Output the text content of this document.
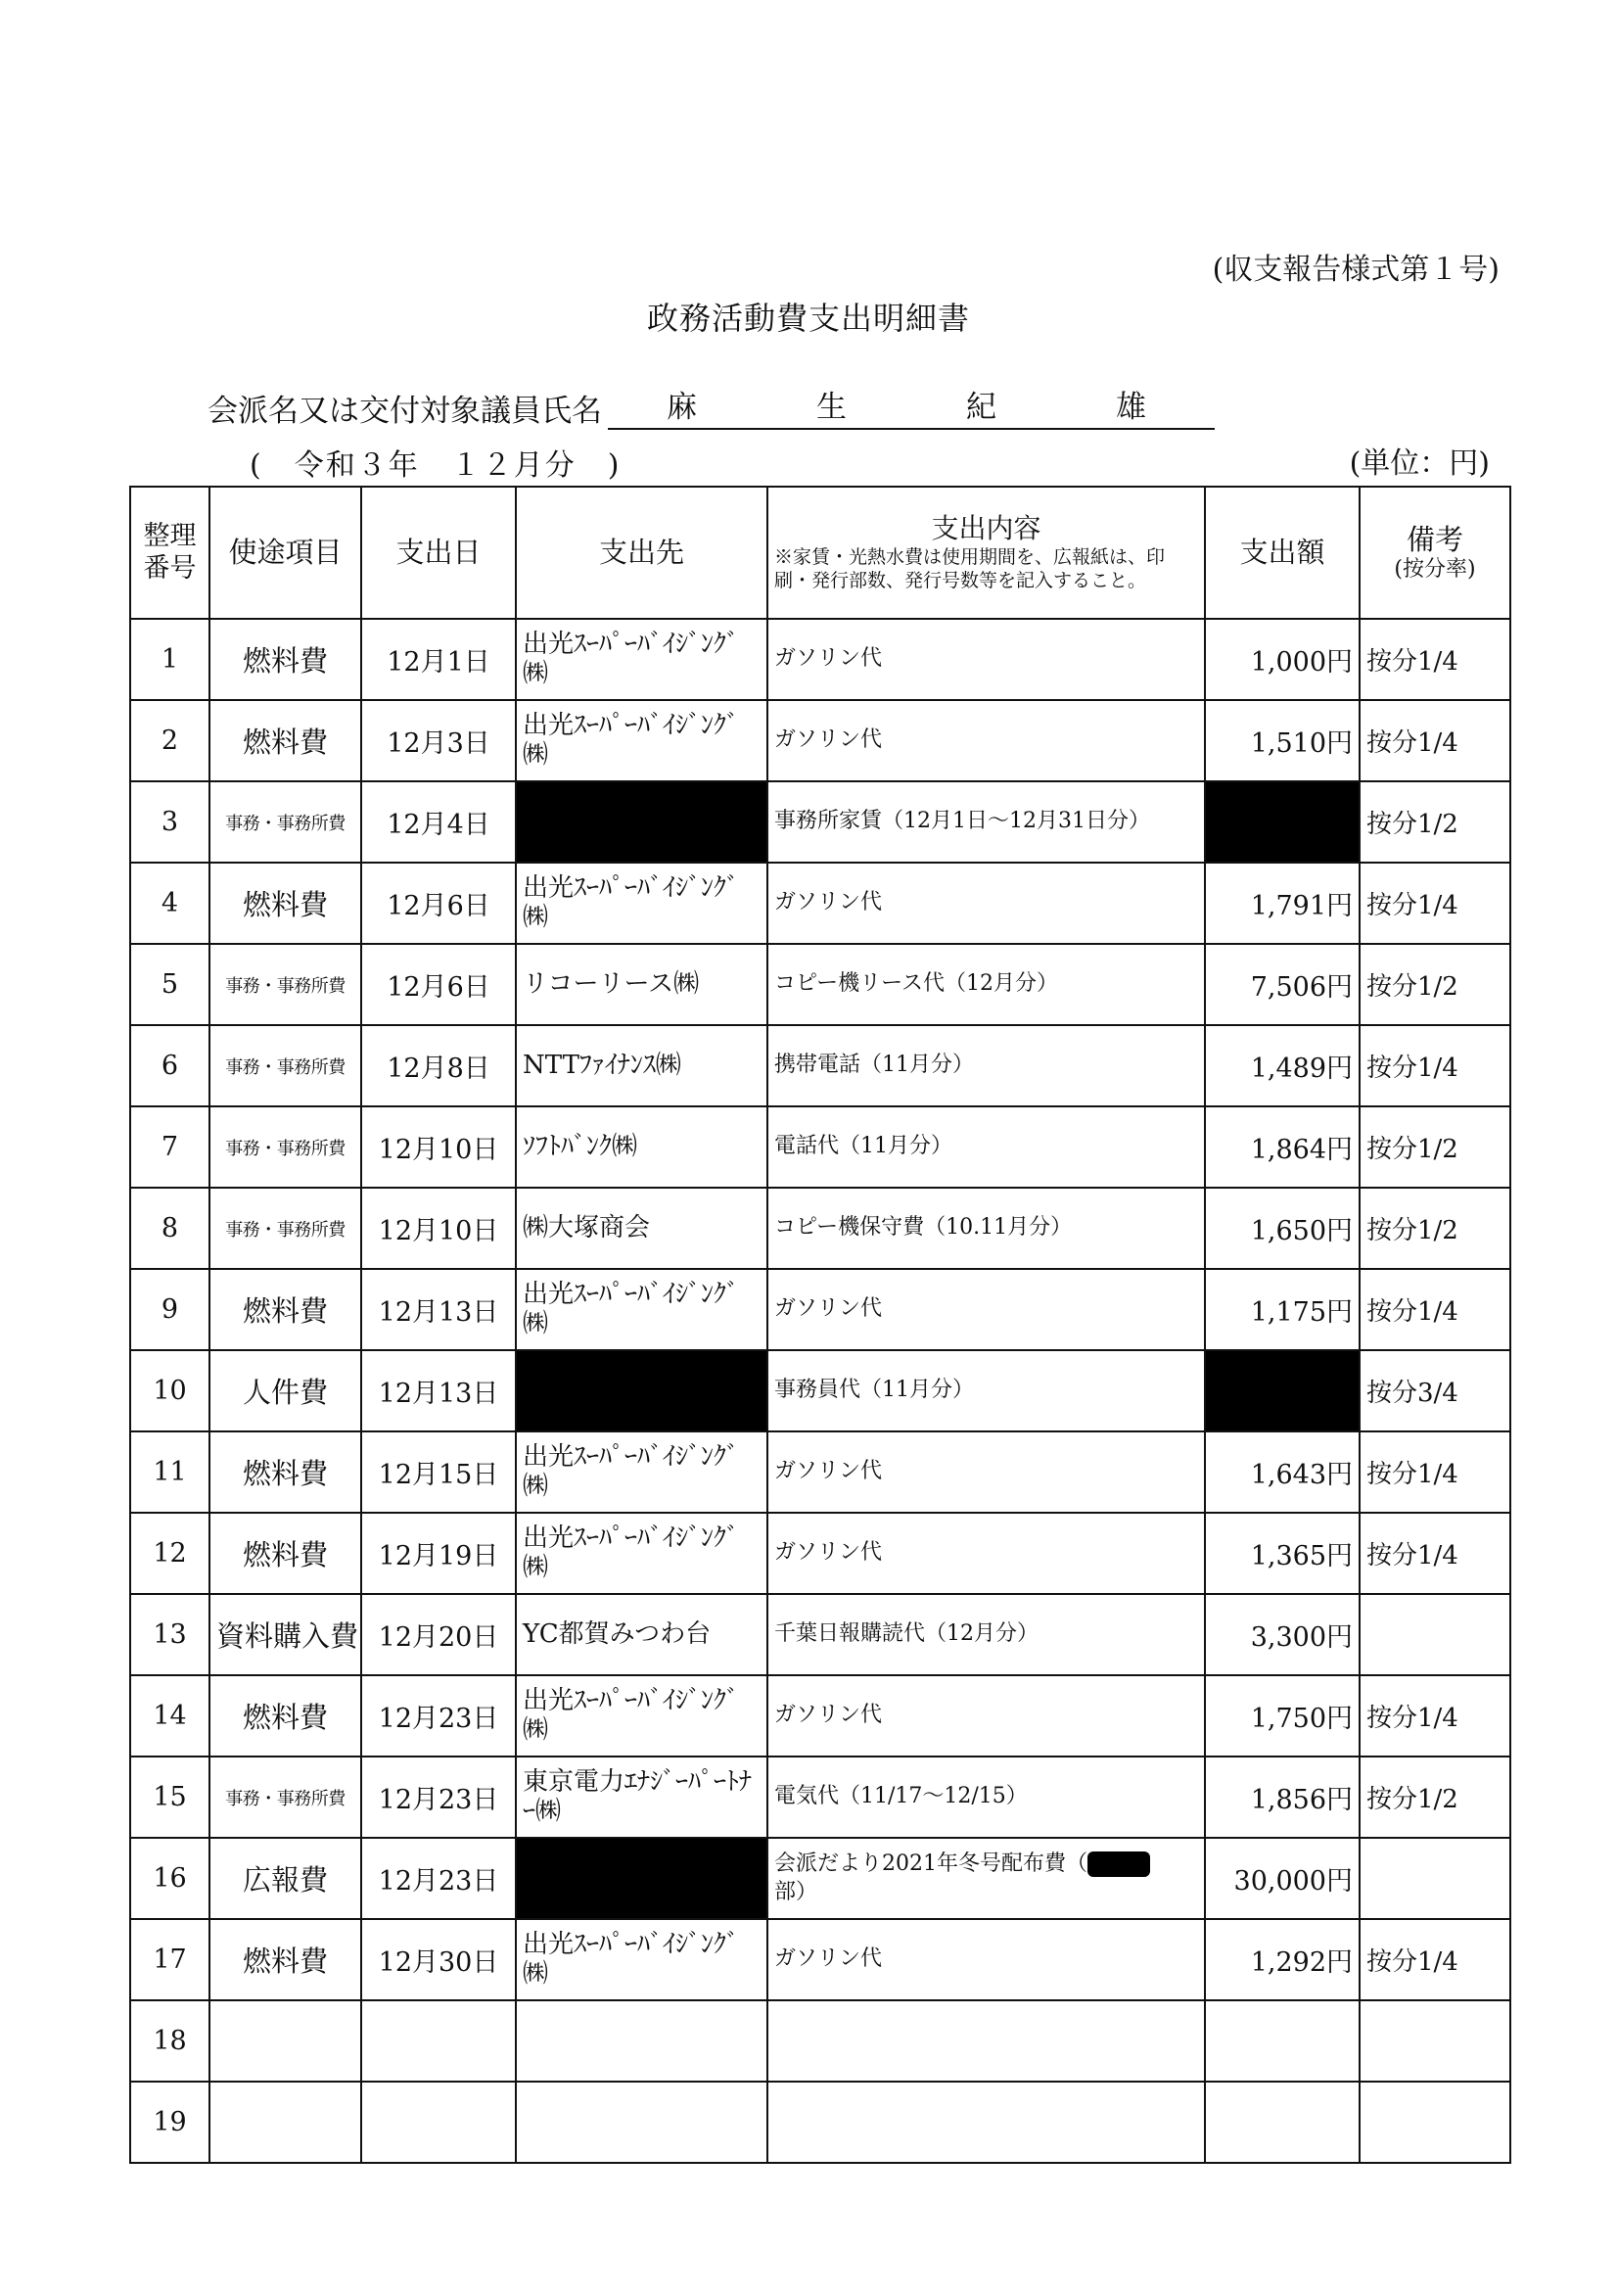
(収支報告様式第１号)
政務活動費支出明細書
会派名又は交付対象議員氏名 麻	生	紀	雄
(　令和３年　１２月分　)	(単位：円)
整理番号	使途項目	支出日	支出先	支出内容
※家賃・光熱水費は使用期間を、広報紙は、印刷・発行部数、発行号数等を記入すること。	支出額	備考
(按分率)

1	燃料費	12月1日	出光ｽｰﾊﾟｰﾊﾞｲｼﾞﾝｸﾞ㈱	ガソリン代	1,000円	按分1/4
2	燃料費	12月3日	出光ｽｰﾊﾟｰﾊﾞｲｼﾞﾝｸﾞ㈱	ガソリン代	1,510円	按分1/4
3	事務・事務所費	12月4日		事務所家賃（12月1日～12月31日分）		按分1/2
4	燃料費	12月6日	出光ｽｰﾊﾟｰﾊﾞｲｼﾞﾝｸﾞ㈱	ガソリン代	1,791円	按分1/4
5	事務・事務所費	12月6日	リコーリース㈱	コピー機リース代（12月分）	7,506円	按分1/2
6	事務・事務所費	12月8日	NTTﾌｧｲﾅﾝｽ㈱	携帯電話（11月分）	1,489円	按分1/4
7	事務・事務所費	12月10日	ｿﾌﾄﾊﾞﾝｸ㈱	電話代（11月分）	1,864円	按分1/2
8	事務・事務所費	12月10日	㈱大塚商会	コピー機保守費（10.11月分）	1,650円	按分1/2
9	燃料費	12月13日	出光ｽｰﾊﾟｰﾊﾞｲｼﾞﾝｸﾞ㈱	ガソリン代	1,175円	按分1/4
10	人件費	12月13日		事務員代（11月分）		按分3/4
11	燃料費	12月15日	出光ｽｰﾊﾟｰﾊﾞｲｼﾞﾝｸﾞ㈱	ガソリン代	1,643円	按分1/4
12	燃料費	12月19日	出光ｽｰﾊﾟｰﾊﾞｲｼﾞﾝｸﾞ㈱	ガソリン代	1,365円	按分1/4
13	資料購入費	12月20日	YC都賀みつわ台	千葉日報購読代（12月分）	3,300円	
14	燃料費	12月23日	出光ｽｰﾊﾟｰﾊﾞｲｼﾞﾝｸﾞ㈱	ガソリン代	1,750円	按分1/4
15	事務・事務所費	12月23日	東京電力ｴﾅｼﾞｰﾊﾟｰﾄﾅｰ㈱	電気代（11/17～12/15）	1,856円	按分1/2
16	広報費	12月23日		会派だより2021年冬号配布費（
部）	30,000円	
17	燃料費	12月30日	出光ｽｰﾊﾟｰﾊﾞｲｼﾞﾝｸﾞ㈱	ガソリン代	1,292円	按分1/4
18						
19						
